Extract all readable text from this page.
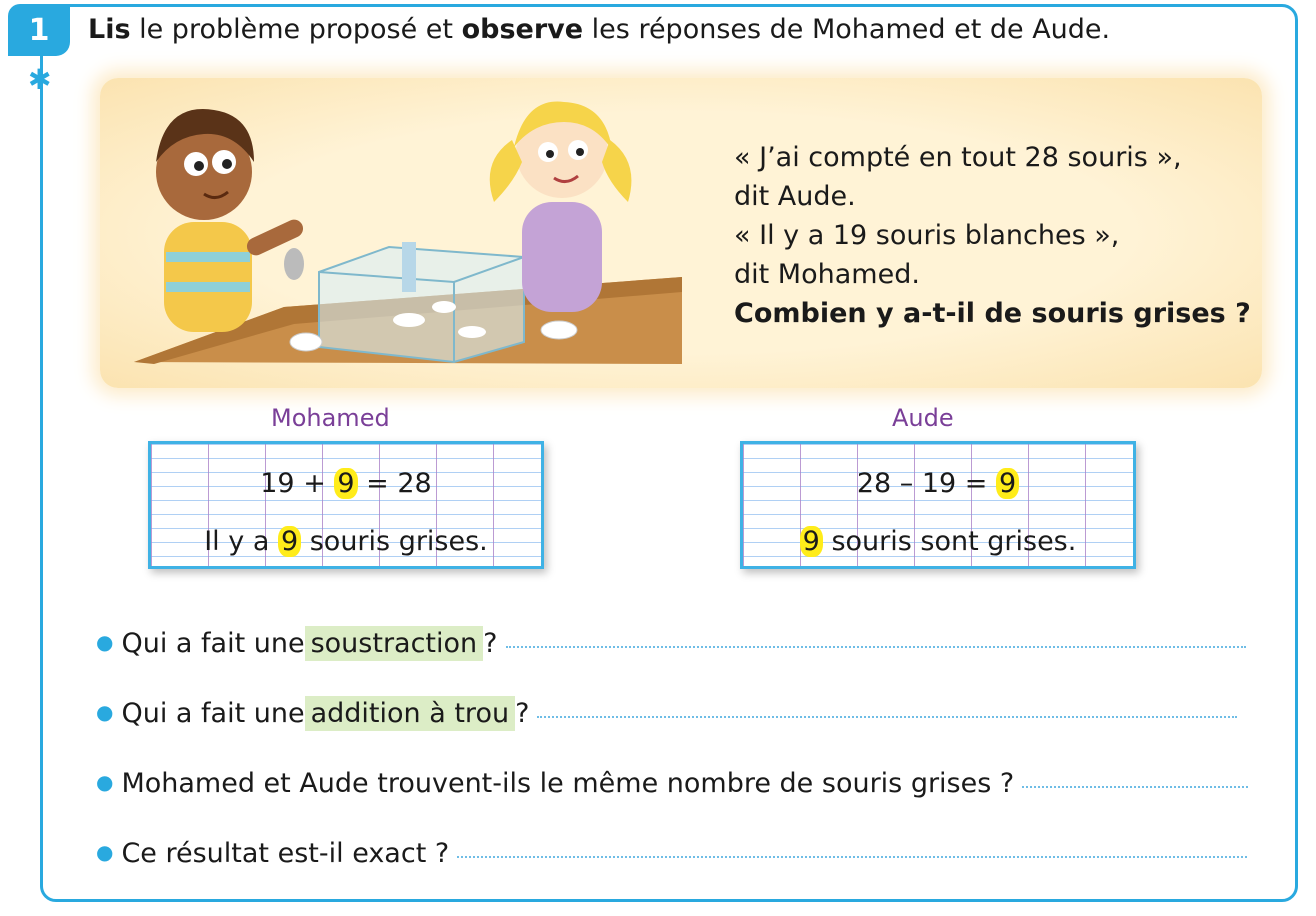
1
✱
Lis le problème proposé et observe les réponses de Mohamed et de Aude.
« J’ai compté en tout 28 souris »,
dit Aude.
« Il y a 19 souris blanches »,
dit Mohamed.
Combien y a-t-il de souris grises ?
Mohamed
19 + 9 = 28
Il y a 9 souris grises.
Aude
28 – 19 = 9
9 souris sont grises.
● Qui a fait une soustraction ?
● Qui a fait une addition à trou ?
● Mohamed et Aude trouvent-ils le même nombre de souris grises ?
● Ce résultat est-il exact ?
